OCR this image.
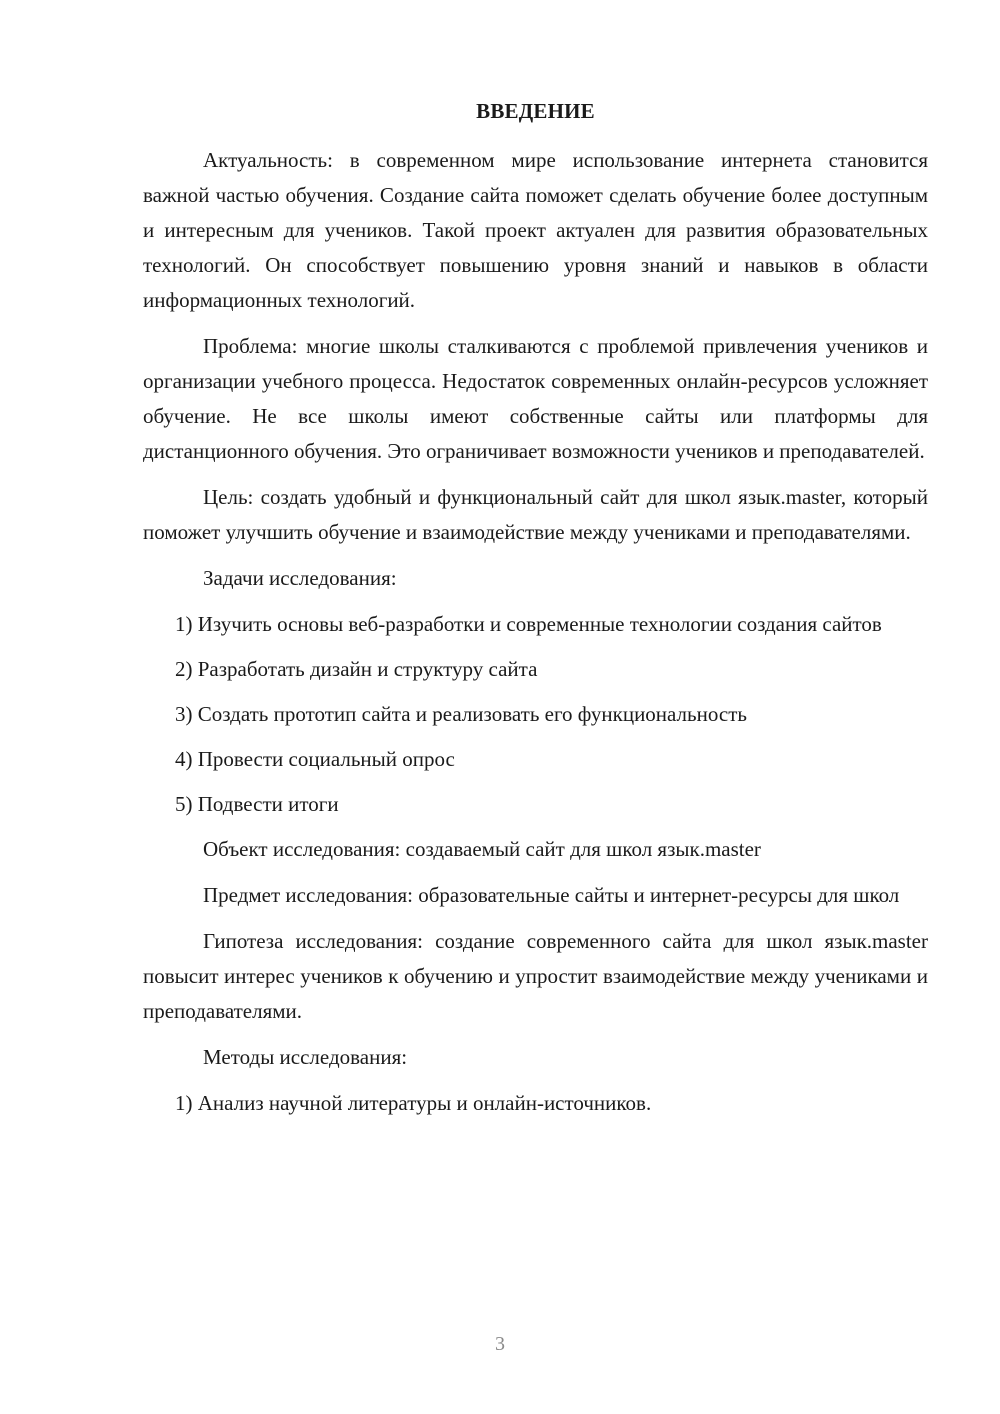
ВВЕДЕНИЕ

Актуальность: в современном мире использование интернета становится важной частью обучения. Создание сайта поможет сделать обучение более доступным и интересным для учеников. Такой проект актуален для развития образовательных технологий. Он способствует повышению уровня знаний и навыков в области информационных технологий.

Проблема: многие школы сталкиваются с проблемой привлечения учеников и организации учебного процесса. Недостаток современных онлайн-ресурсов усложняет обучение. Не все школы имеют собственные сайты или платформы для дистанционного обучения. Это ограничивает возможности учеников и преподавателей.

Цель: создать удобный и функциональный сайт для школ язык.master, который поможет улучшить обучение и взаимодействие между учениками и преподавателями.

Задачи исследования:

1) Изучить основы веб-разработки и современные технологии создания сайтов

2) Разработать дизайн и структуру сайта

3) Создать прототип сайта и реализовать его функциональность

4) Провести социальный опрос

5) Подвести итоги

Объект исследования: создаваемый сайт для школ язык.master

Предмет исследования: образовательные сайты и интернет-ресурсы для школ

Гипотеза исследования: создание современного сайта для школ язык.master повысит интерес учеников к обучению и упростит взаимодействие между учениками и преподавателями.

Методы исследования:

1) Анализ научной литературы и онлайн-источников.

3
